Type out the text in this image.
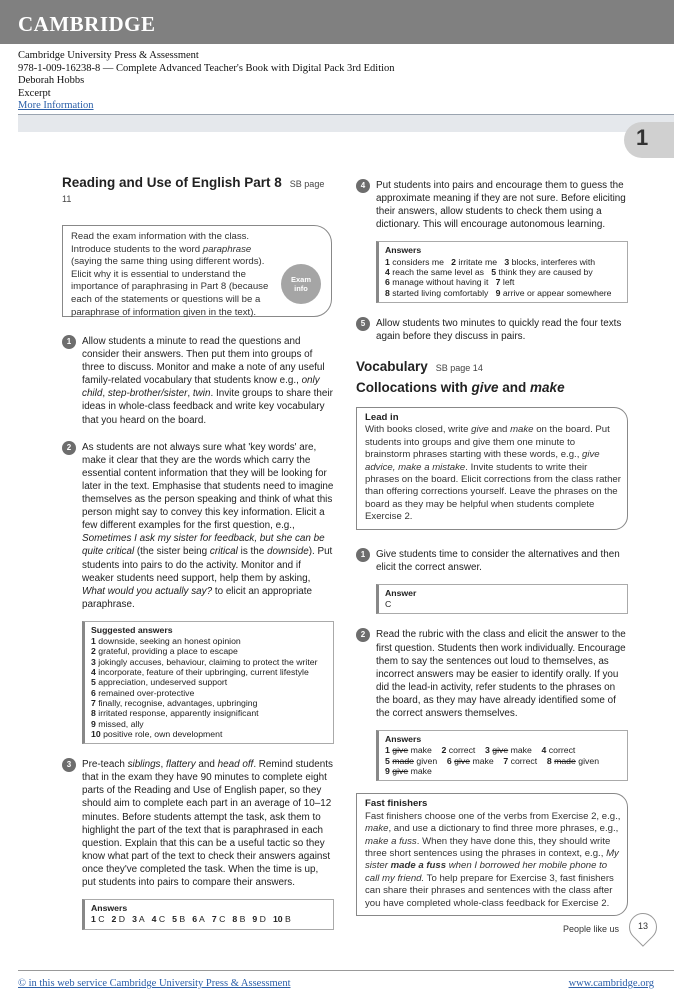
CAMBRIDGE
Cambridge University Press & Assessment
978-1-009-16238-8 — Complete Advanced Teacher's Book with Digital Pack 3rd Edition
Deborah Hobbs
Excerpt
More Information
1
Reading and Use of English Part 8 SB page 11
Read the exam information with the class. Introduce students to the word paraphrase (saying the same thing using different words). Elicit why it is essential to understand the importance of paraphrasing in Part 8 (because each of the statements or questions will be a paraphrase of information given in the text).
Exam
info
1	Allow students a minute to read the questions and consider their answers. Then put them into groups of three to discuss. Monitor and make a note of any useful family-related vocabulary that students know e.g., only child, step-brother/sister, twin. Invite groups to share their ideas in whole-class feedback and write key vocabulary that you heard on the board.
2	As students are not always sure what 'key words' are, make it clear that they are the words which carry the essential content information that they will be looking for later in the text. Emphasise that students need to imagine themselves as the person speaking and think of what this person might say to convey this key information. Elicit a few different examples for the first question, e.g., Sometimes I ask my sister for feedback, but she can be quite critical (the sister being critical is the downside). Put students into pairs to do the activity. Monitor and if weaker students need support, help them by asking, What would you actually say? to elicit an appropriate paraphrase.
Suggested answers
1 downside, seeking an honest opinion
2 grateful, providing a place to escape
3 jokingly accuses, behaviour, claiming to protect the writer
4 incorporate, feature of their upbringing, current lifestyle
5 appreciation, undeserved support
6 remained over-protective
7 finally, recognise, advantages, upbringing
8 irritated response, apparently insignificant
9 missed, ally
10 positive role, own development
3	Pre-teach siblings, flattery and head off. Remind students that in the exam they have 90 minutes to complete eight parts of the Reading and Use of English paper, so they should aim to complete each part in an average of 10–12 minutes. Before students attempt the task, ask them to highlight the part of the text that is paraphrased in each question. Explain that this can be a useful tactic so they know what part of the text to check their answers against once they've completed the task. When the time is up, put students into pairs to compare their answers.
Answers
1 C 2 D 3 A 4 C 5 B 6 A 7 C 8 B 9 D 10 B
4	Put students into pairs and encourage them to guess the approximate meaning if they are not sure. Before eliciting their answers, allow students to check them using a dictionary. This will encourage autonomous learning.
Answers
1 considers me 2 irritate me 3 blocks, interferes with
4 reach the same level as 5 think they are caused by
6 manage without having it 7 left
8 started living comfortably 9 arrive or appear somewhere
5	Allow students two minutes to quickly read the four texts again before they discuss in pairs.
Vocabulary SB page 14
Collocations with give and make
Lead in
With books closed, write give and make on the board. Put students into groups and give them one minute to brainstorm phrases starting with these words, e.g., give advice, make a mistake. Invite students to write their phrases on the board. Elicit corrections from the class rather than offering corrections yourself. Leave the phrases on the board as they may be helpful when students complete Exercise 2.
1	Give students time to consider the alternatives and then elicit the correct answer.
Answer
C
2	Read the rubric with the class and elicit the answer to the first question. Students then work individually. Encourage them to say the sentences out loud to themselves, as incorrect answers may be easier to identify orally. If you did the lead-in activity, refer students to the phrases on the board, as they may have already identified some of the correct answers themselves.
Answers
1 give make 2 correct 3 give make 4 correct
5 made given 6 give make 7 correct 8 made given
9 give make
Fast finishers
Fast finishers choose one of the verbs from Exercise 2, e.g., make, and use a dictionary to find three more phrases, e.g., make a fuss. When they have done this, they should write three short sentences using the phrases in context, e.g., My sister made a fuss when I borrowed her mobile phone to call my friend. To help prepare for Exercise 3, fast finishers can share their phrases and sentences with the class after you have completed whole-class feedback for Exercise 2.
People like us	13
© in this web service Cambridge University Press & Assessment	www.cambridge.org
